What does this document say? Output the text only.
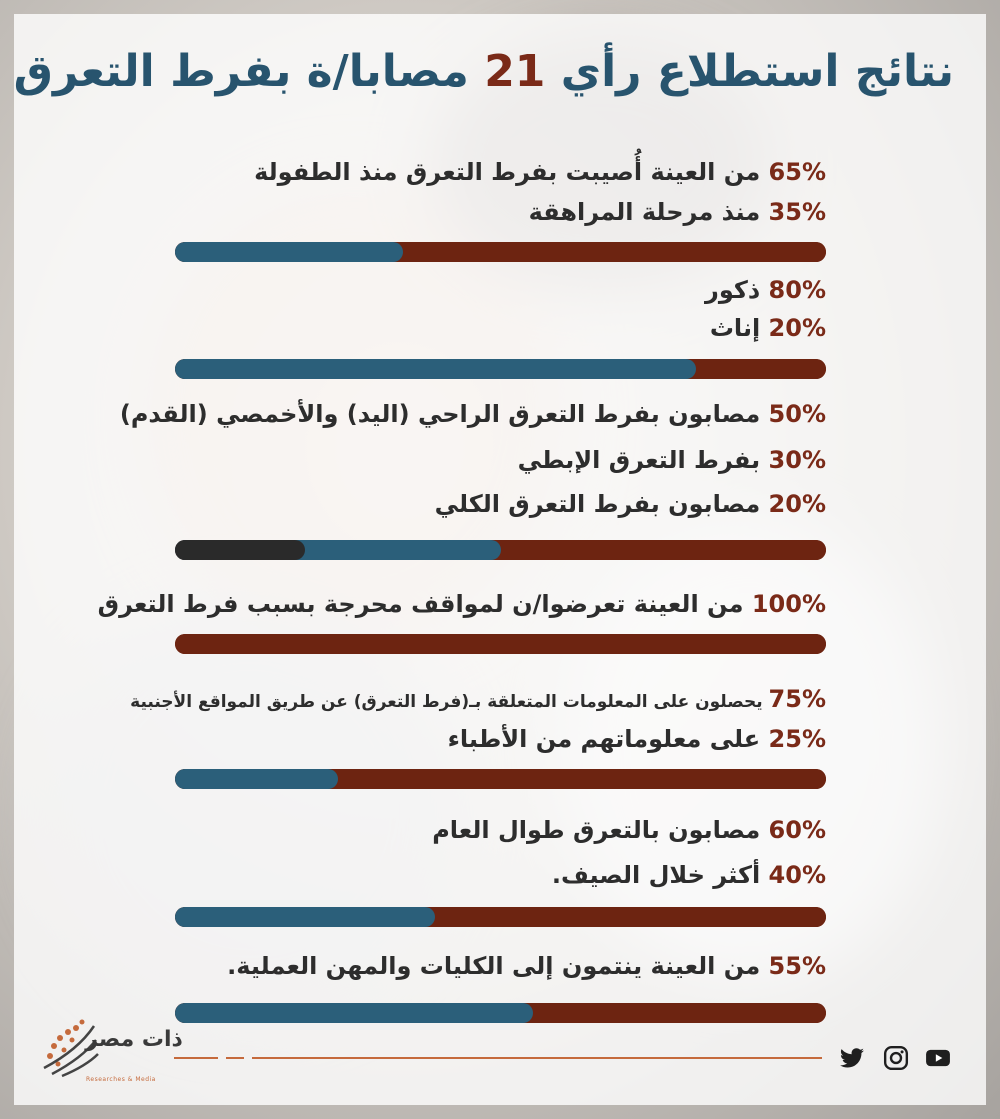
نتائج استطلاع رأي 21 مصابا/ة بفرط التعرق
65% من العينة أُصيبت بفرط التعرق منذ الطفولة
35% منذ مرحلة المراهقة
80% ذكور
20% إناث
50% مصابون بفرط التعرق الراحي (اليد) والأخمصي (القدم)
30% بفرط التعرق الإبطي
20% مصابون بفرط التعرق الكلي
100% من العينة تعرضوا/ن لمواقف محرجة بسبب فرط التعرق
75% يحصلون على المعلومات المتعلقة بـ(فرط التعرق) عن طريق المواقع الأجنبية
25% على معلوماتهم من الأطباء
60% مصابون بالتعرق طوال العام
40% أكثر خلال الصيف.
55% من العينة ينتمون إلى الكليات والمهن العملية.
ذات مصر
Researches & Media
